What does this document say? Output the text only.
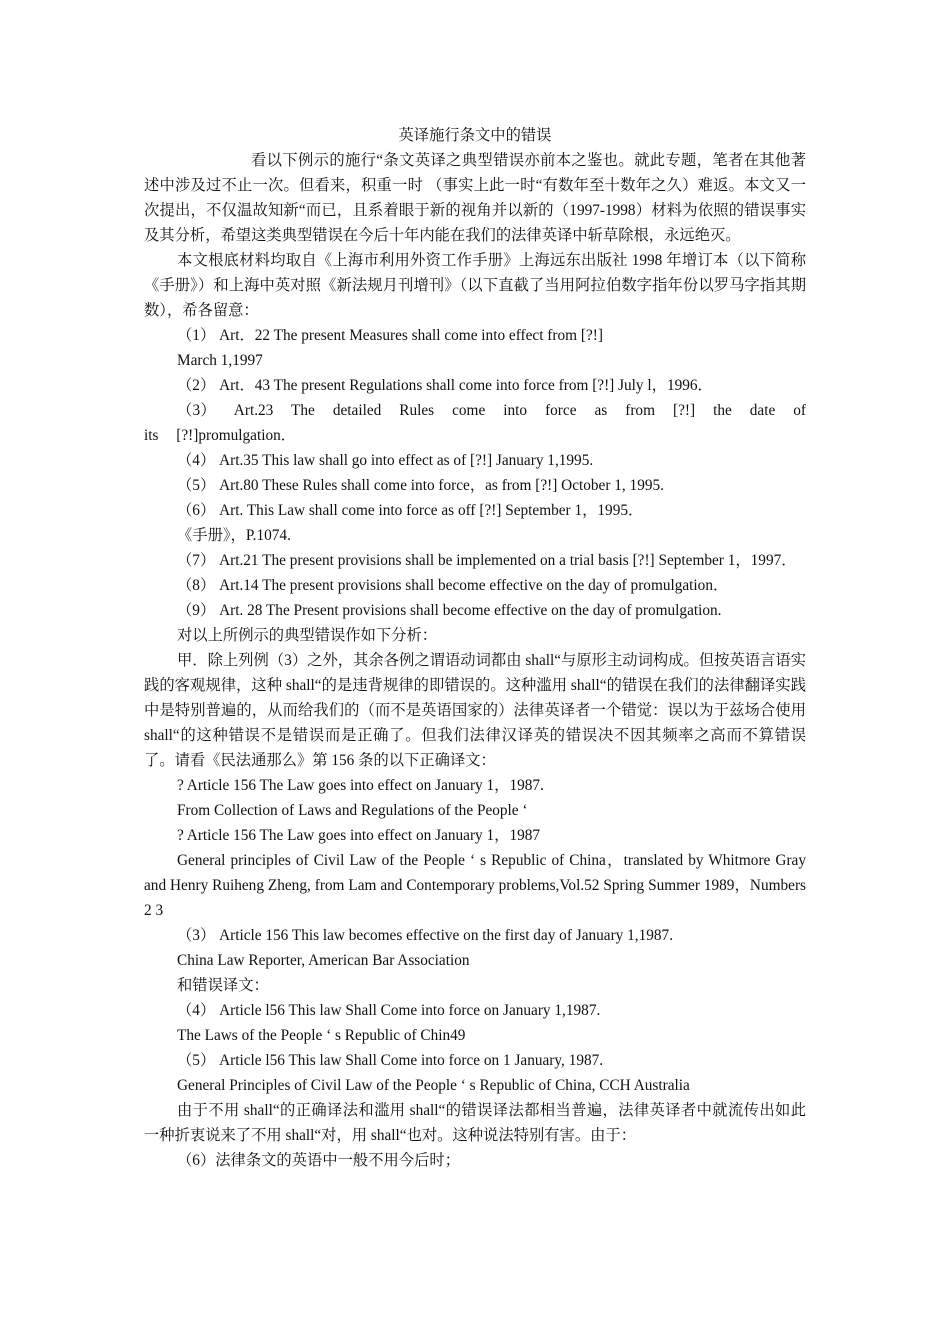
英译施行条文中的错误

看以下例示的施行“条文英译之典型错误亦前本之鉴也。就此专题，笔者在其他著述中涉及过不止一次。但看来，积重一时 （事实上此一时“有数年至十数年之久）难返。本文又一次提出，不仅温故知新“而已，且系着眼于新的视角并以新的（1997-1998）材料为依照的错误事实及其分析，希望这类典型错误在今后十年内能在我们的法律英译中斩草除根，永远绝灭。

本文根底材料均取自《上海市利用外资工作手册》上海远东出版社 1998 年增订本（以下简称《手册》）和上海中英对照《新法规月刊增刊》（以下直截了当用阿拉伯数字指年份以罗马字指其期数），希各留意：

（1） Art．22 The present Measures shall come into effect from [?!]

March 1,1997

（2） Art．43 The present Regulations shall come into force from [?!] July l，1996．

（3） Art.23 The detailed Rules come into force as from [?!] the date of its [?!]promulgation．

（4） Art.35 This law shall go into effect as of [?!] January 1,1995.

（5） Art.80 These Rules shall come into force，as from [?!] October 1, 1995.

（6） Art. This Law shall come into force as off [?!] September 1，1995．

《手册》，P.1074.

（7） Art.21 The present provisions shall be implemented on a trial basis [?!] September 1，1997．

（8） Art.14 The present provisions shall become effective on the day of promulgation．

（9） Art. 28 The Present provisions shall become effective on the day of promulgation.

对以上所例示的典型错误作如下分析：

甲．除上列例（3）之外，其余各例之谓语动词都由 shall“与原形主动词构成。但按英语言语实践的客观规律，这种 shall“的是违背规律的即错误的。这种滥用 shall“的错误在我们的法律翻译实践中是特别普遍的，从而给我们的（而不是英语国家的）法律英译者一个错觉：误以为于兹场合使用 shall“的这种错误不是错误而是正确了。但我们法律汉译英的错误决不因其频率之高而不算错误了。请看《民法通那么》第 156 条的以下正确译文：

? Article 156 The Law goes into effect on January 1，1987.

From Collection of Laws and Regulations of the People ‘

? Article 156 The Law goes into effect on January 1，1987

General principles of Civil Law of the People ‘ s Republic of China，translated by Whitmore Gray and Henry Ruiheng Zheng, from Lam and Contemporary problems,Vol.52 Spring Summer 1989，Numbers 2 3

（3） Article 156 This law becomes effective on the first day of January 1,1987.

China Law Reporter, American Bar Association

和错误译文：

（4） Article l56 This law Shall Come into force on January 1,1987.

The Laws of the People ‘ s Republic of Chin49

（5） Article l56 This law Shall Come into force on 1 January, 1987.

General Principles of Civil Law of the People ‘ s Republic of China, CCH Australia

由于不用 shall“的正确译法和滥用 shall“的错误译法都相当普遍，法律英译者中就流传出如此一种折衷说来了不用 shall“对，用 shall“也对。这种说法特别有害。由于：

（6）法律条文的英语中一般不用今后时；
